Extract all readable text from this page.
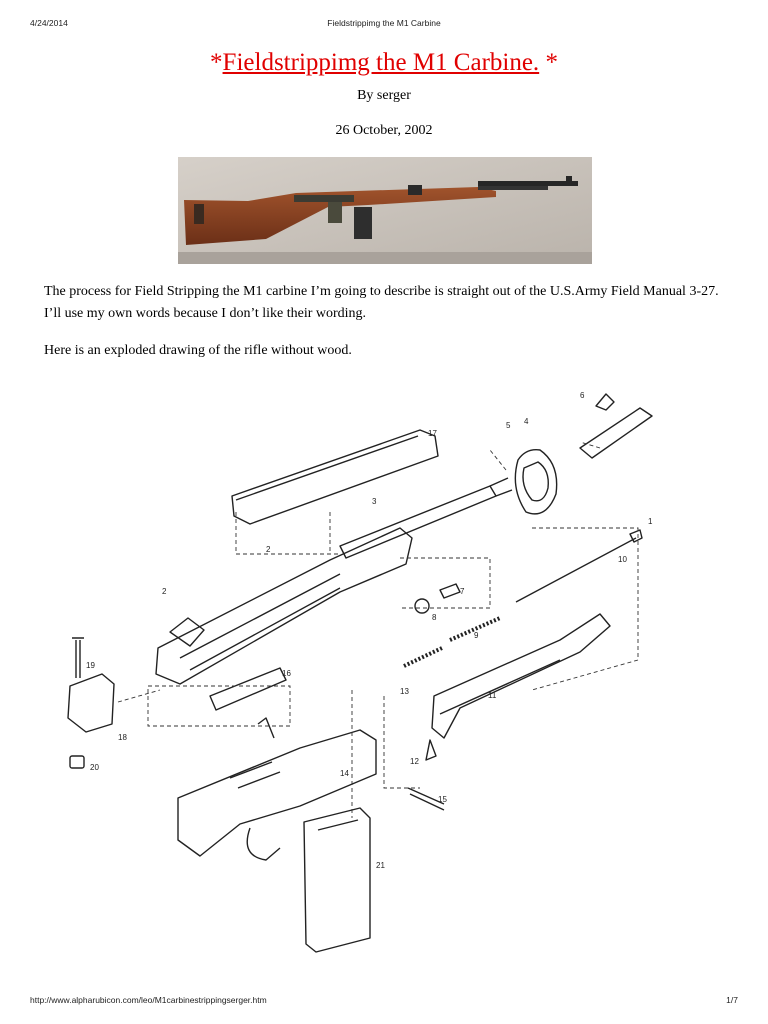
4/24/2014	Fieldstrippimg the M1 Carbine
*Fieldstrippimg the M1 Carbine. *
By serger
26 October, 2002

The process for Field Stripping the M1 carbine I’m going to describe is straight out of the U.S.Army Field Manual 3-27. I’ll use my own words because I don’t like their wording.

Here is an exploded drawing of the rifle without wood.

17
6
5 4
3
2
2
1
10
7
8
9
11
13
12
15
16
14
21
19
18
20
http://www.alpharubicon.com/leo/M1carbinestrippingserger.htm	1/7
